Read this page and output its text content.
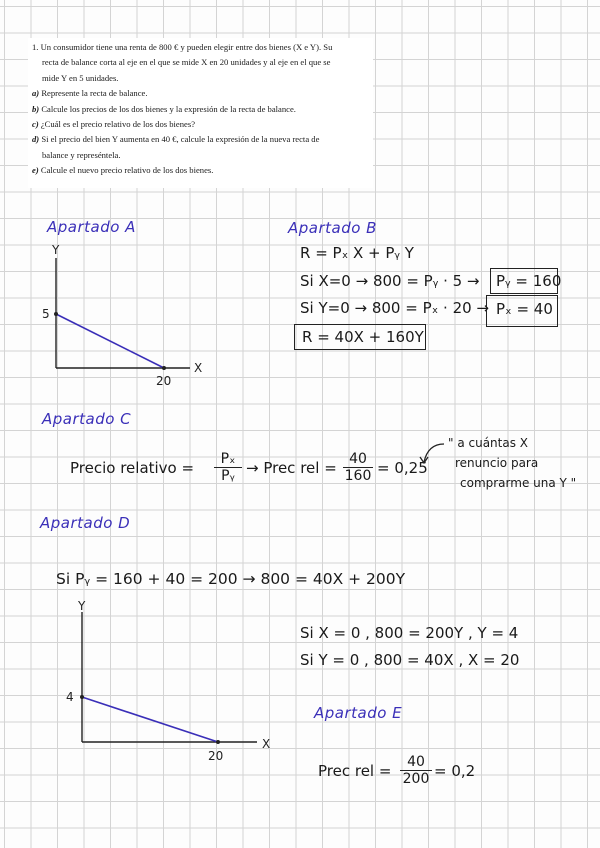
1. Un consumidor tiene una renta de 800 € y pueden elegir entre dos bienes (X e Y). Su

recta de balance corta al eje en el que se mide X en 20 unidades y al eje en el que se

mide Y en 5 unidades.

a) Represente la recta de balance.

b) Calcule los precios de los dos bienes y la expresión de la recta de balance.

c) ¿Cuál es el precio relativo de los dos bienes?

d) Si el precio del bien Y aumenta en 40 €, calcule la expresión de la nueva recta de

balance y represéntela.

e) Calcule el nuevo precio relativo de los dos bienes.

Apartado A
Y
X
5
20
Apartado B
R = Pₓ X + Pᵧ Y
Si X=0 → 800 = Pᵧ · 5 → Pᵧ = 160
Si Y=0 → 800 = Pₓ · 20 → Pₓ = 40
R = 40X + 160Y
Apartado C
Precio relativo = $\frac{\text{Pₓ}}{\text{Pᵧ}}$ → Prec rel = $\frac{40}{160} = 0,25$
" a cuántas X
renuncio para
comprarme una Y "
Apartado D
Si Pᵧ = 160 + 40 = 200 → 800 = 40X + 200Y
Y
X
4
20
Si X = 0 , 800 = 200Y , Y = 4
Si Y = 0 , 800 = 40X , X = 20
Apartado E
Prec rel = $\frac{40}{200} = 0,2$
